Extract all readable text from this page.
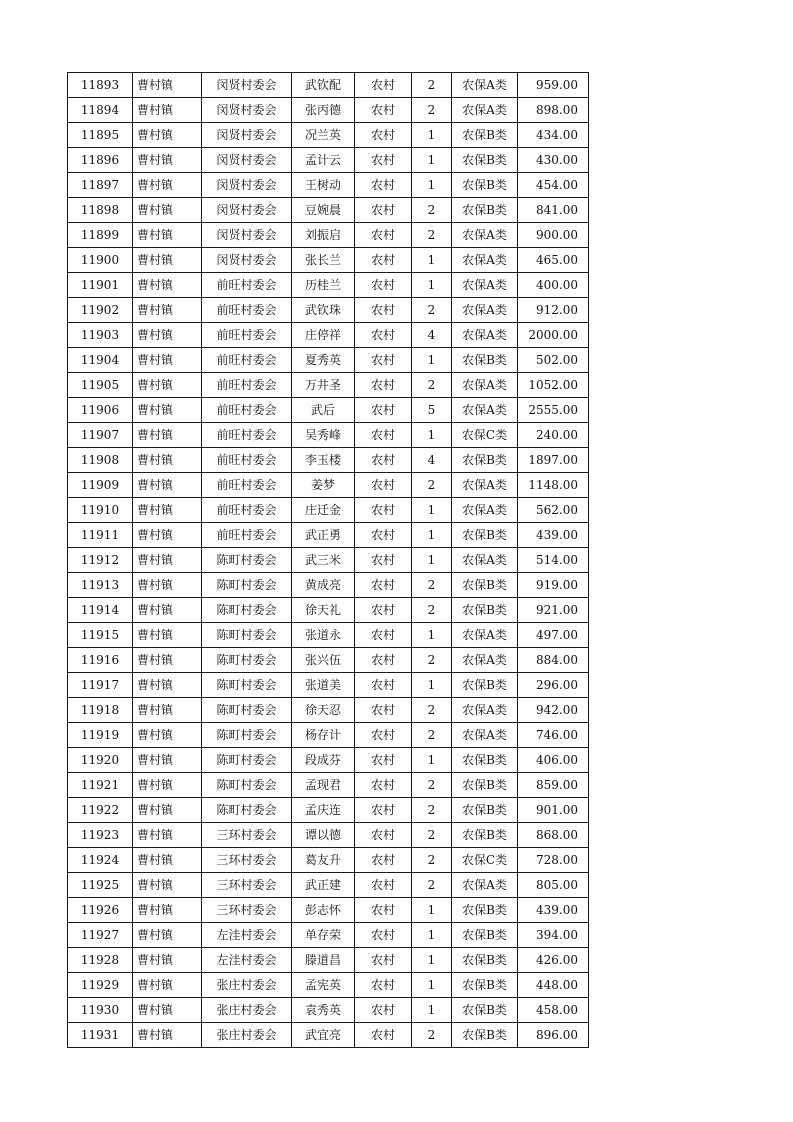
11893	曹村镇	闵贤村委会	武钦配	农村	2	农保A类	959.00
11894	曹村镇	闵贤村委会	张丙德	农村	2	农保A类	898.00
11895	曹村镇	闵贤村委会	况兰英	农村	1	农保B类	434.00
11896	曹村镇	闵贤村委会	孟计云	农村	1	农保B类	430.00
11897	曹村镇	闵贤村委会	王树动	农村	1	农保B类	454.00
11898	曹村镇	闵贤村委会	豆婉晨	农村	2	农保B类	841.00
11899	曹村镇	闵贤村委会	刘振启	农村	2	农保A类	900.00
11900	曹村镇	闵贤村委会	张长兰	农村	1	农保A类	465.00
11901	曹村镇	前旺村委会	历桂兰	农村	1	农保A类	400.00
11902	曹村镇	前旺村委会	武钦珠	农村	2	农保A类	912.00
11903	曹村镇	前旺村委会	庄停祥	农村	4	农保A类	2000.00
11904	曹村镇	前旺村委会	夏秀英	农村	1	农保B类	502.00
11905	曹村镇	前旺村委会	万井圣	农村	2	农保A类	1052.00
11906	曹村镇	前旺村委会	武后	农村	5	农保A类	2555.00
11907	曹村镇	前旺村委会	吴秀峰	农村	1	农保C类	240.00
11908	曹村镇	前旺村委会	李玉楼	农村	4	农保B类	1897.00
11909	曹村镇	前旺村委会	姜梦	农村	2	农保A类	1148.00
11910	曹村镇	前旺村委会	庄迁金	农村	1	农保A类	562.00
11911	曹村镇	前旺村委会	武正勇	农村	1	农保B类	439.00
11912	曹村镇	陈町村委会	武三米	农村	1	农保A类	514.00
11913	曹村镇	陈町村委会	黄成亮	农村	2	农保B类	919.00
11914	曹村镇	陈町村委会	徐天礼	农村	2	农保B类	921.00
11915	曹村镇	陈町村委会	张道永	农村	1	农保A类	497.00
11916	曹村镇	陈町村委会	张兴伍	农村	2	农保A类	884.00
11917	曹村镇	陈町村委会	张道美	农村	1	农保B类	296.00
11918	曹村镇	陈町村委会	徐天忍	农村	2	农保A类	942.00
11919	曹村镇	陈町村委会	杨存计	农村	2	农保A类	746.00
11920	曹村镇	陈町村委会	段成芬	农村	1	农保B类	406.00
11921	曹村镇	陈町村委会	孟现君	农村	2	农保B类	859.00
11922	曹村镇	陈町村委会	孟庆连	农村	2	农保B类	901.00
11923	曹村镇	三环村委会	谭以德	农村	2	农保B类	868.00
11924	曹村镇	三环村委会	葛友升	农村	2	农保C类	728.00
11925	曹村镇	三环村委会	武正建	农村	2	农保A类	805.00
11926	曹村镇	三环村委会	彭志怀	农村	1	农保B类	439.00
11927	曹村镇	左洼村委会	单存荣	农村	1	农保B类	394.00
11928	曹村镇	左洼村委会	滕道昌	农村	1	农保B类	426.00
11929	曹村镇	张庄村委会	孟宪英	农村	1	农保B类	448.00
11930	曹村镇	张庄村委会	袁秀英	农村	1	农保B类	458.00
11931	曹村镇	张庄村委会	武宜亮	农村	2	农保B类	896.00
